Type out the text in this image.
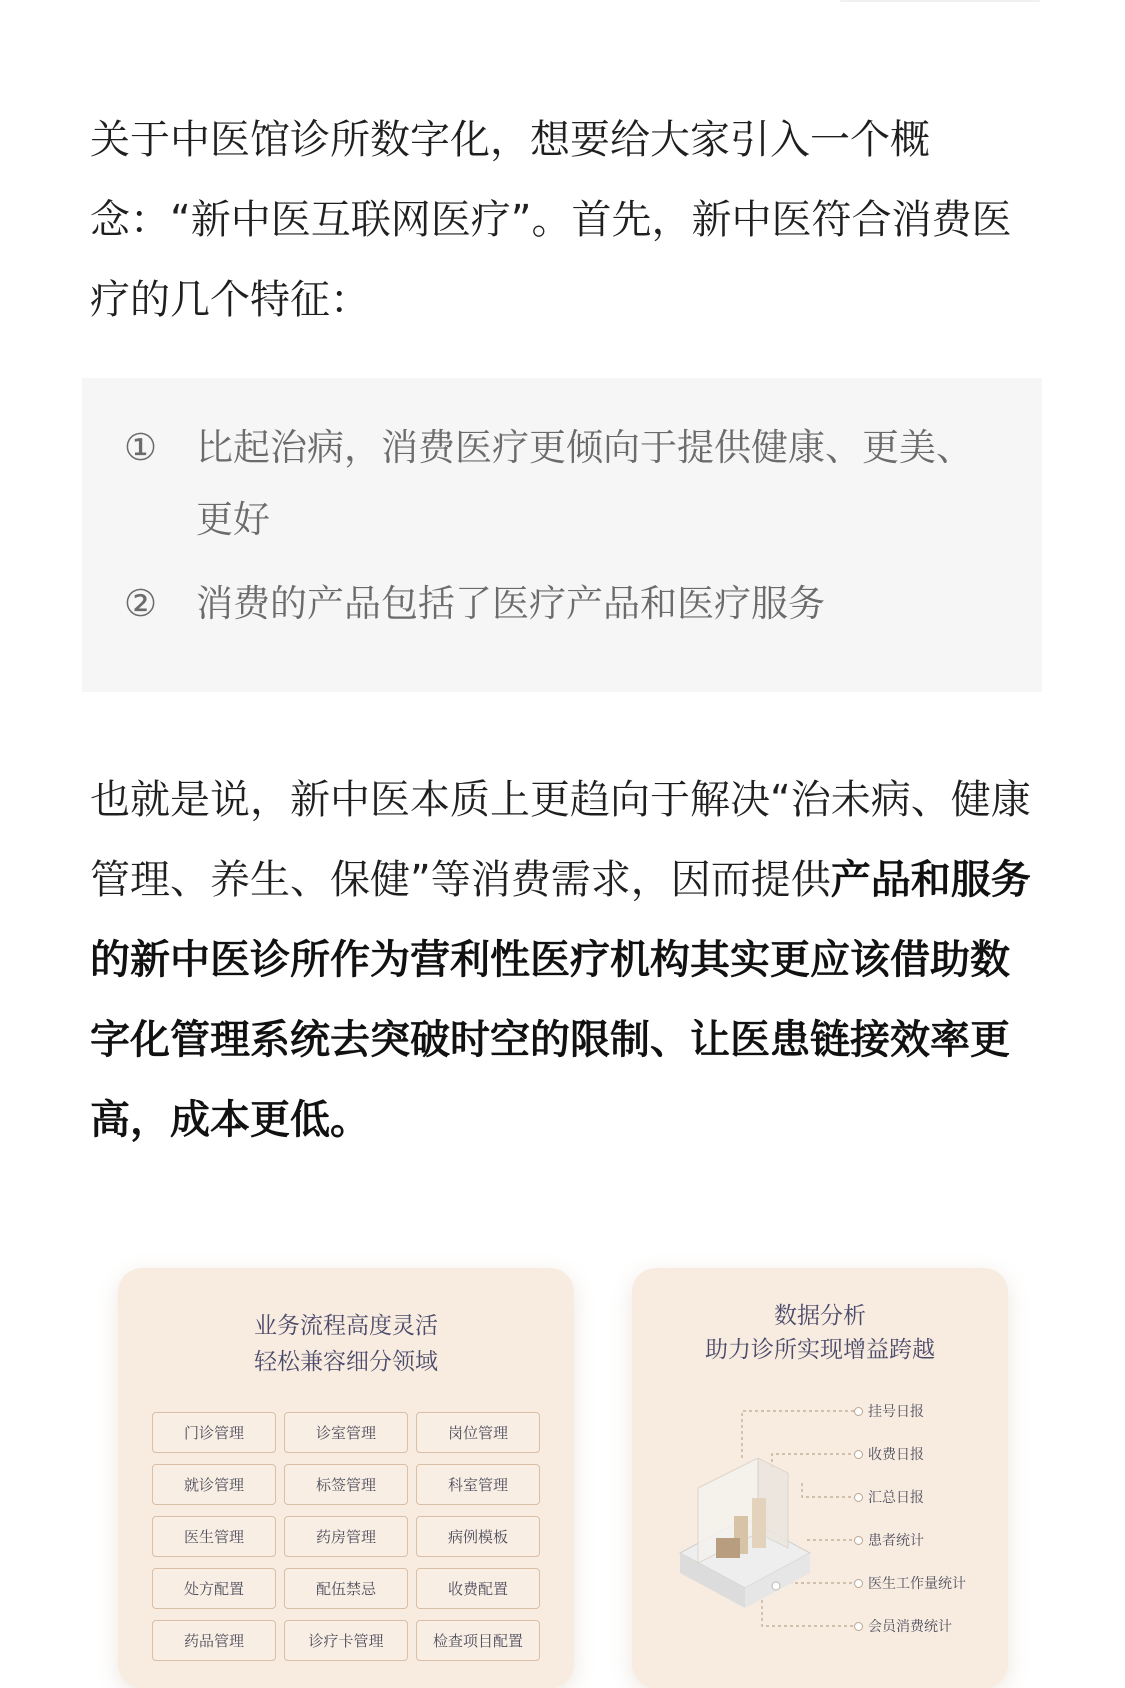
关于中医馆诊所数字化，想要给大家引入一个概念：“新中医互联网医疗”。首先，新中医符合消费医疗的几个特征：

①	比起治病，消费医疗更倾向于提供健康、更美、更好
②	消费的产品包括了医疗产品和医疗服务

也就是说，新中医本质上更趋向于解决“治未病、健康管理、养生、保健”等消费需求，因而提供产品和服务的新中医诊所作为营利性医疗机构其实更应该借助数字化管理系统去突破时空的限制、让医患链接效率更高，成本更低。

业务流程高度灵活
轻松兼容细分领域
门诊管理	诊室管理	岗位管理
就诊管理	标签管理	科室管理
医生管理	药房管理	病例模板
处方配置	配伍禁忌	收费配置
药品管理	诊疗卡管理	检查项目配置
数据分析
助力诊所实现增益跨越
挂号日报
收费日报
汇总日报
患者统计
医生工作量统计
会员消费统计
